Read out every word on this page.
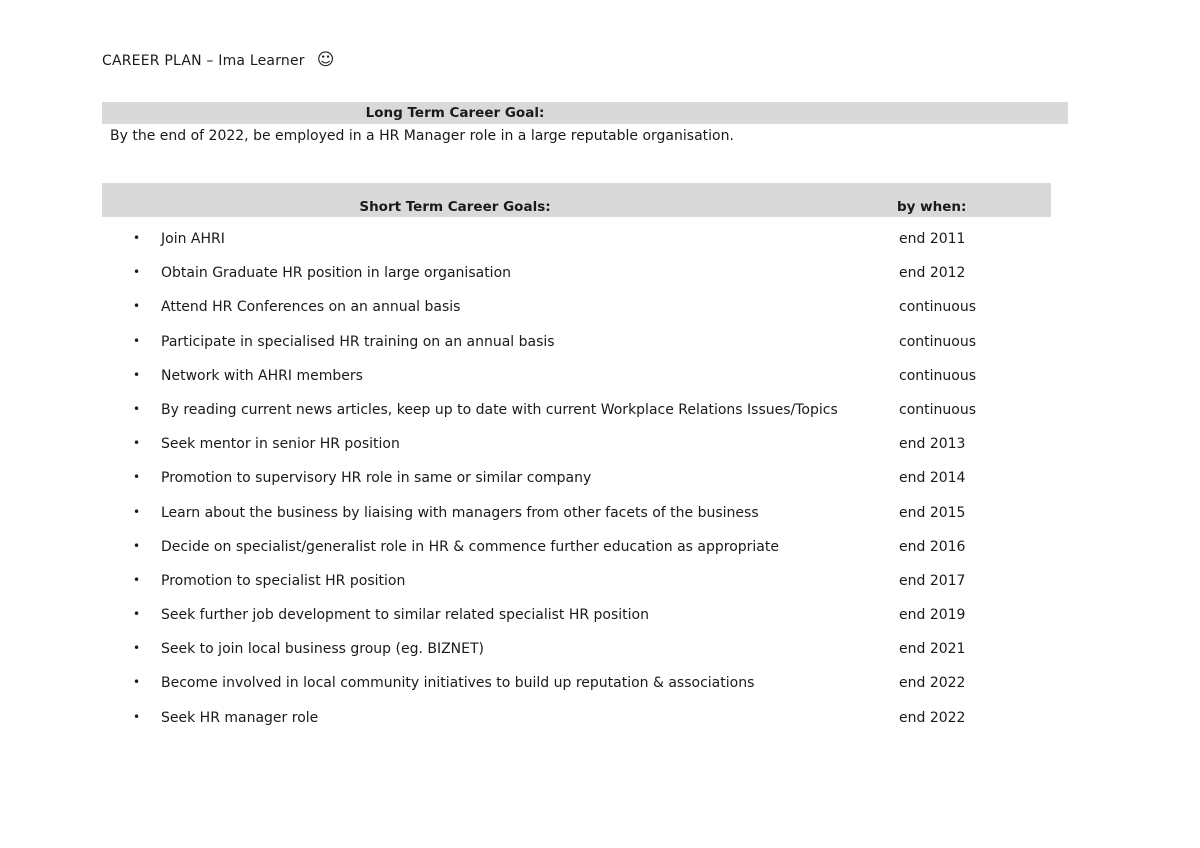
CAREER PLAN – Ima Learner ☺
Long Term Career Goal:
By the end of 2022, be employed in a HR Manager role in a large reputable organisation.
Short Term Career Goals:	by when:
• Join AHRI	end 2011
• Obtain Graduate HR position in large organisation	end 2012
• Attend HR Conferences on an annual basis	continuous
• Participate in specialised HR training on an annual basis	continuous
• Network with AHRI members	continuous
• By reading current news articles, keep up to date with current Workplace Relations Issues/Topics	continuous
• Seek mentor in senior HR position	end 2013
• Promotion to supervisory HR role in same or similar company	end 2014
• Learn about the business by liaising with managers from other facets of the business	end 2015
• Decide on specialist/generalist role in HR & commence further education as appropriate	end 2016
• Promotion to specialist HR position	end 2017
• Seek further job development to similar related specialist HR position	end 2019
• Seek to join local business group (eg. BIZNET)	end 2021
• Become involved in local community initiatives to build up reputation & associations	end 2022
• Seek HR manager role	end 2022
